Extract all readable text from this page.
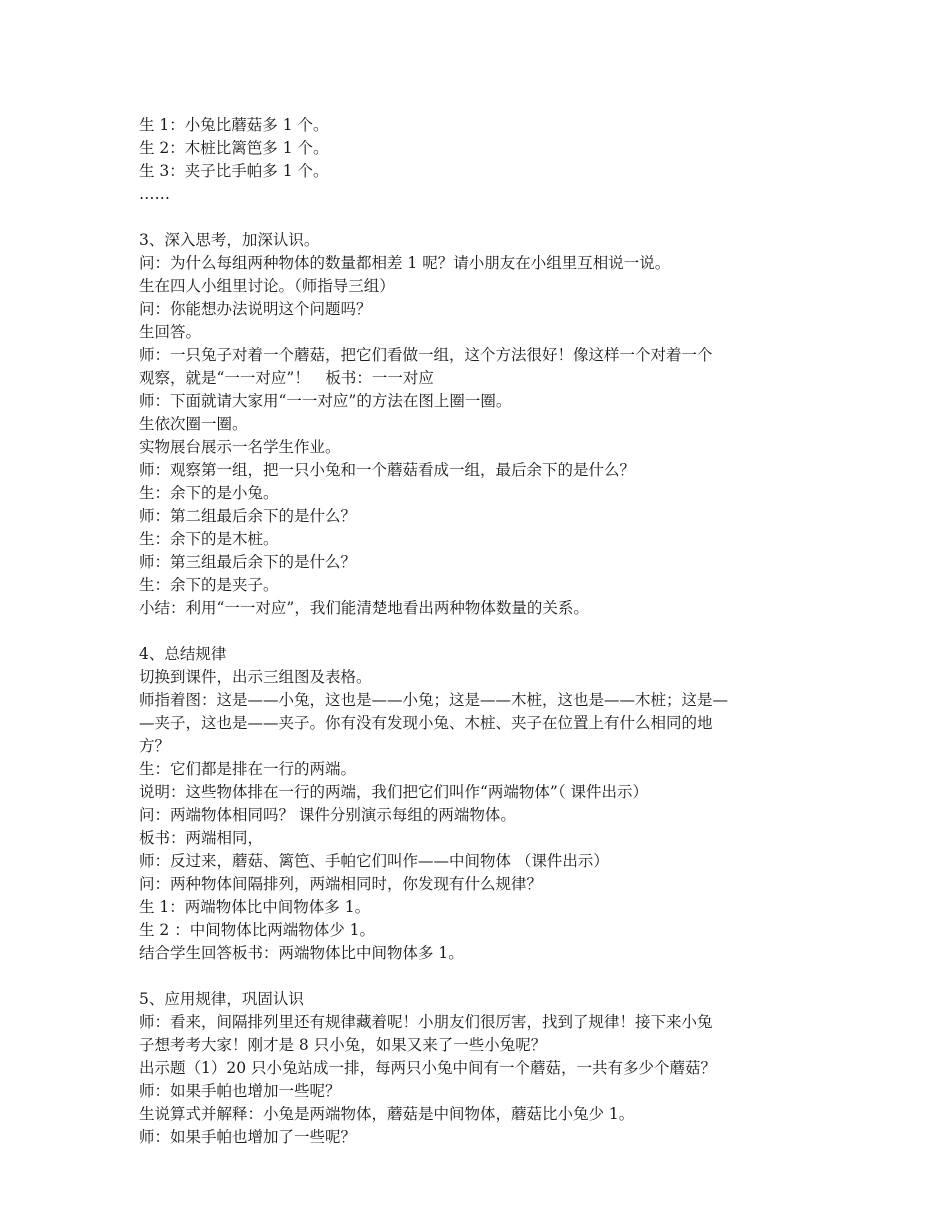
生 1：小兔比蘑菇多 1 个。
生 2：木桩比篱笆多 1 个。
生 3：夹子比手帕多 1 个。
……
3、深入思考，加深认识。
问：为什么每组两种物体的数量都相差 1 呢？请小朋友在小组里互相说一说。
生在四人小组里讨论。（师指导三组）
问：你能想办法说明这个问题吗？
生回答。
师：一只兔子对着一个蘑菇，把它们看做一组，这个方法很好！像这样一个对着一个
观察，就是“一一对应”！　板书：一一对应
师：下面就请大家用“一一对应”的方法在图上圈一圈。
生依次圈一圈。
实物展台展示一名学生作业。
师：观察第一组，把一只小兔和一个蘑菇看成一组，最后余下的是什么？
生：余下的是小兔。
师：第二组最后余下的是什么？
生：余下的是木桩。
师：第三组最后余下的是什么？
生：余下的是夹子。
小结：利用“一一对应”，我们能清楚地看出两种物体数量的关系。
4、总结规律
切换到课件，出示三组图及表格。
师指着图：这是——小兔，这也是——小兔；这是——木桩，这也是——木桩；这是—
—夹子，这也是——夹子。你有没有发现小兔、木桩、夹子在位置上有什么相同的地
方？
生：它们都是排在一行的两端。
说明：这些物体排在一行的两端，我们把它们叫作“两端物体”（ 课件出示）
问：两端物体相同吗？ 课件分别演示每组的两端物体。
板书：两端相同，
师：反过来，蘑菇、篱笆、手帕它们叫作——中间物体 （课件出示）
问：两种物体间隔排列，两端相同时，你发现有什么规律？
生 1：两端物体比中间物体多 1。
生 2 ：中间物体比两端物体少 1。
结合学生回答板书：两端物体比中间物体多 1。
5、应用规律，巩固认识
师：看来，间隔排列里还有规律藏着呢！小朋友们很厉害，找到了规律！接下来小兔
子想考考大家！刚才是 8 只小兔，如果又来了一些小兔呢？
出示题（1）20 只小兔站成一排，每两只小兔中间有一个蘑菇，一共有多少个蘑菇？
师：如果手帕也增加一些呢？
生说算式并解释：小兔是两端物体，蘑菇是中间物体，蘑菇比小兔少 1。
师：如果手帕也增加了一些呢？
